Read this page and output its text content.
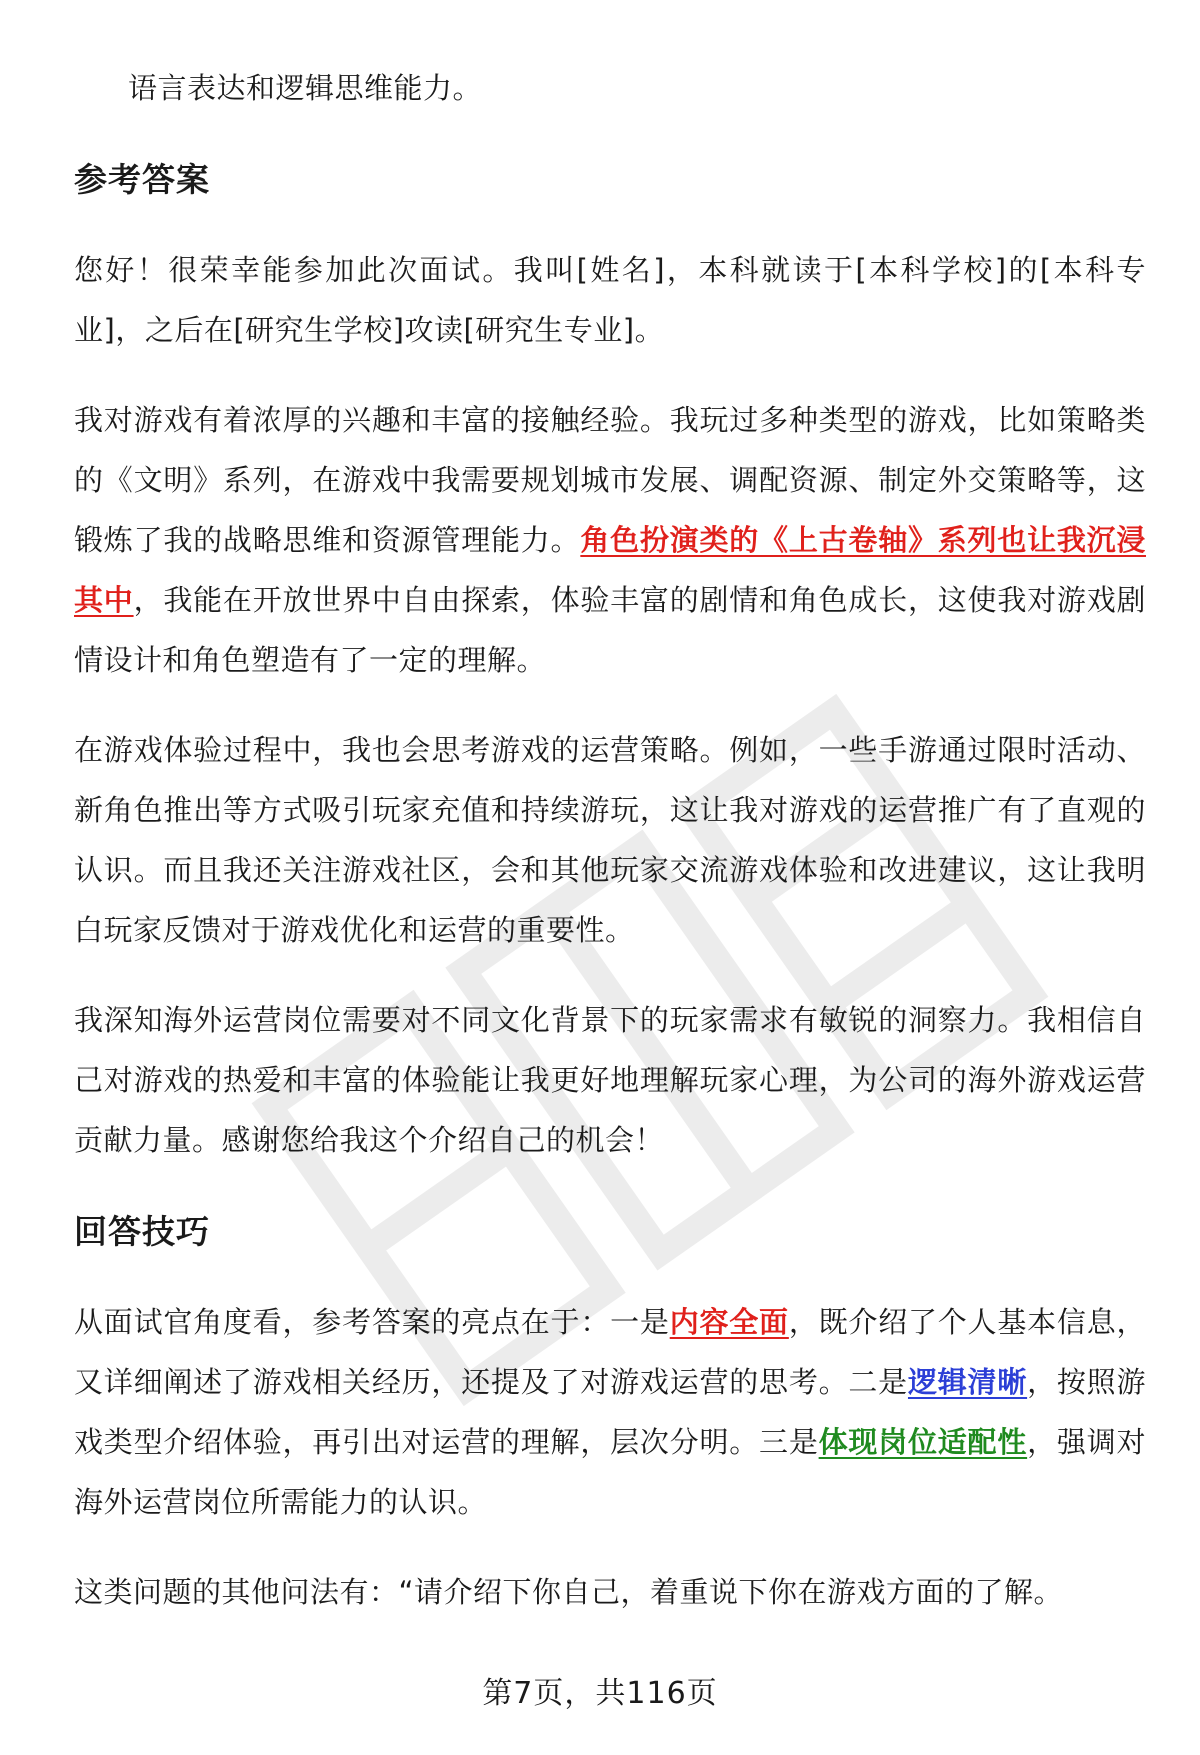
语言表达和逻辑思维能力。

参考答案

您好！很荣幸能参加此次面试。我叫[姓名]，本科就读于[本科学校]的[本科专业]，之后在[研究生学校]攻读[研究生专业]。

我对游戏有着浓厚的兴趣和丰富的接触经验。我玩过多种类型的游戏，比如策略类的《文明》系列，在游戏中我需要规划城市发展、调配资源、制定外交策略等，这锻炼了我的战略思维和资源管理能力。角色扮演类的《上古卷轴》系列也让我沉浸其中，我能在开放世界中自由探索，体验丰富的剧情和角色成长，这使我对游戏剧情设计和角色塑造有了一定的理解。

在游戏体验过程中，我也会思考游戏的运营策略。例如，一些手游通过限时活动、新角色推出等方式吸引玩家充值和持续游玩，这让我对游戏的运营推广有了直观的认识。而且我还关注游戏社区，会和其他玩家交流游戏体验和改进建议，这让我明白玩家反馈对于游戏优化和运营的重要性。

我深知海外运营岗位需要对不同文化背景下的玩家需求有敏锐的洞察力。我相信自己对游戏的热爱和丰富的体验能让我更好地理解玩家心理，为公司的海外游戏运营贡献力量。感谢您给我这个介绍自己的机会！

回答技巧

从面试官角度看，参考答案的亮点在于：一是内容全面，既介绍了个人基本信息，又详细阐述了游戏相关经历，还提及了对游戏运营的思考。二是逻辑清晰，按照游戏类型介绍体验，再引出对运营的理解，层次分明。三是体现岗位适配性，强调对海外运营岗位所需能力的认识。

这类问题的其他问法有：“请介绍下你自己，着重说下你在游戏方面的了解。

第7页，共116页
